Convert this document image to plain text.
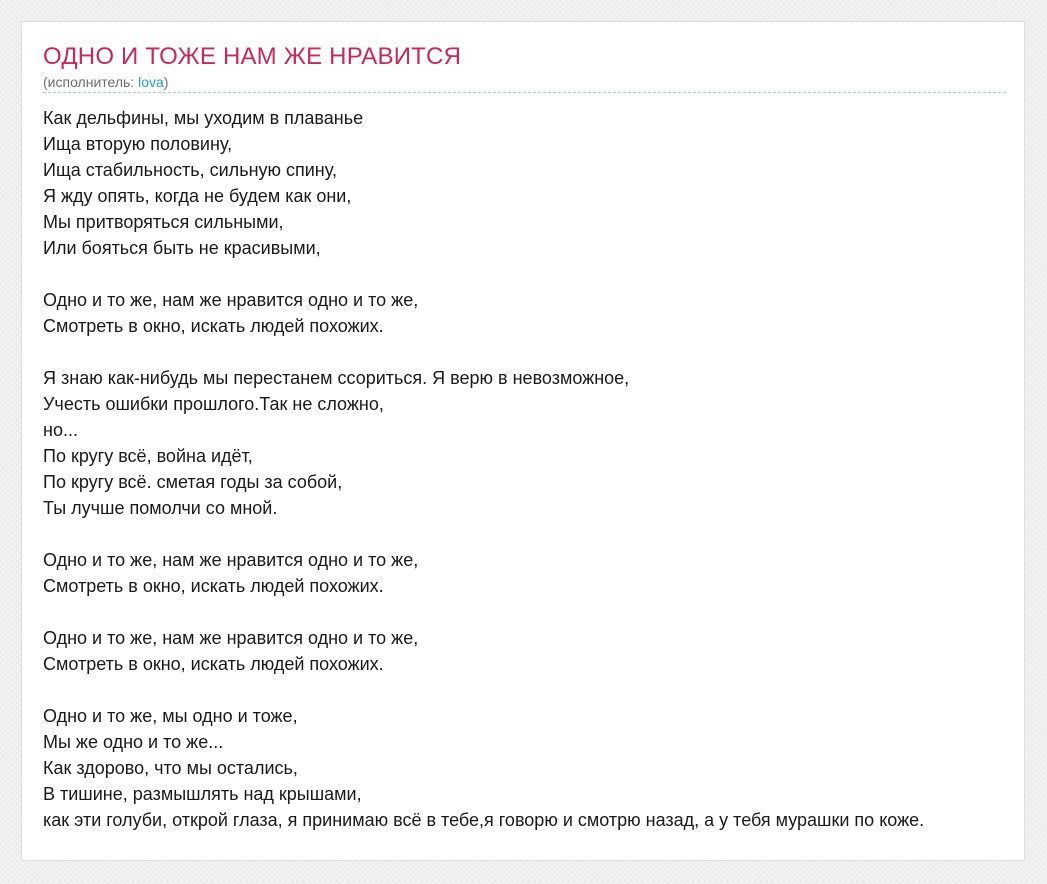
ОДНО И ТОЖЕ НАМ ЖЕ НРАВИТСЯ
(исполнитель: lova)
Как дельфины, мы уходим в плаванье
Ища вторую половину,
Ища стабильность, сильную спину,
Я жду опять, когда не будем как они,
Мы притворяться сильными,
Или бояться быть не красивыми,
Одно и то же, нам же нравится одно и то же,
Смотреть в окно, искать людей похожих.
Я знаю как-нибудь мы перестанем ссориться. Я верю в невозможное,
Учесть ошибки прошлого.Так не сложно,
но...
По кругу всё, война идёт,
По кругу всё. сметая годы за собой,
Ты лучше помолчи со мной.
Одно и то же, нам же нравится одно и то же,
Смотреть в окно, искать людей похожих.
Одно и то же, нам же нравится одно и то же,
Смотреть в окно, искать людей похожих.
Одно и то же, мы одно и тоже,
Мы же одно и то же...
Как здорово, что мы остались,
В тишине, размышлять над крышами,
как эти голуби, открой глаза, я принимаю всё в тебе,я говорю и смотрю назад, а у тебя мурашки по коже.
